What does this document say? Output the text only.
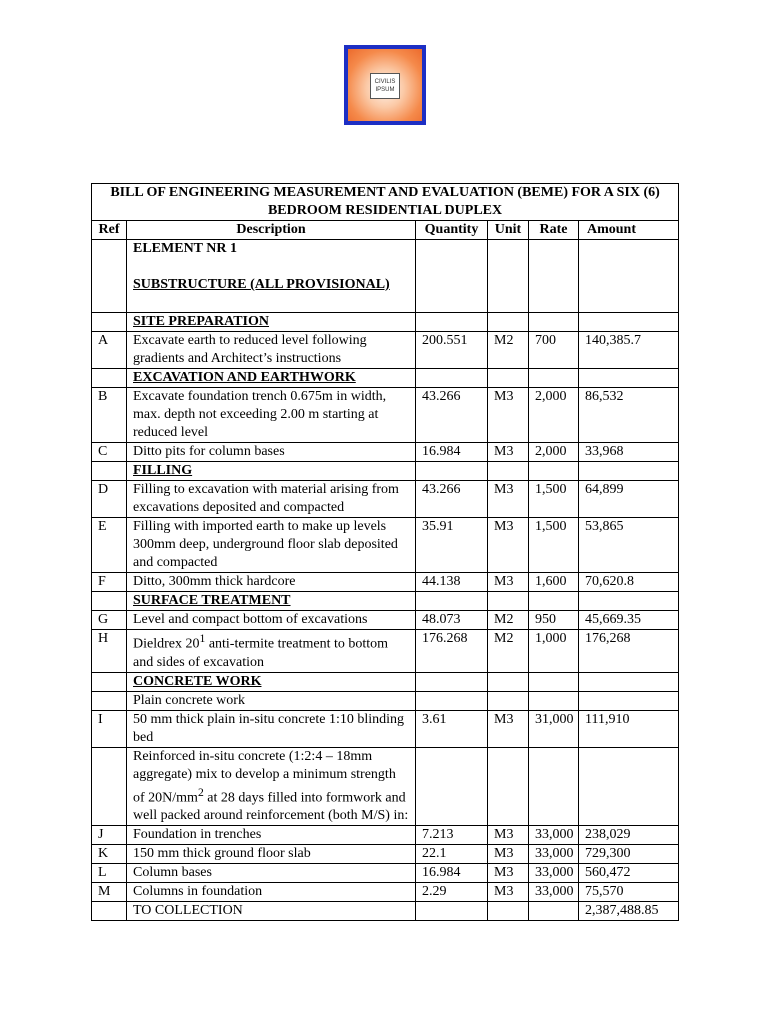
CIVILIS
IPSUM
BILL OF ENGINEERING MEASUREMENT AND EVALUATION (BEME) FOR A SIX (6) BEDROOM RESIDENTIAL DUPLEX					
Ref	Description	Quantity	Unit	Rate	Amount

	ELEMENT NR 1
SUBSTRUCTURE (ALL PROVISIONAL)				

	SITE PREPARATION				
A	Excavate earth to reduced level following gradients and Architect’s instructions	200.551	M2	700	140,385.7
	EXCAVATION AND EARTHWORK				
B	Excavate foundation trench 0.675m in width, max. depth not exceeding 2.00 m starting at reduced level	43.266	M3	2,000	86,532
C	Ditto pits for column bases	16.984	M3	2,000	33,968
	FILLING				
D	Filling to excavation with material arising from excavations deposited and compacted	43.266	M3	1,500	64,899
E	Filling with imported earth to make up levels 300mm deep, underground floor slab deposited and compacted	35.91	M3	1,500	53,865
F	Ditto, 300mm thick hardcore	44.138	M3	1,600	70,620.8
	SURFACE TREATMENT				
G	Level and compact bottom of excavations	48.073	M2	950	45,669.35
H	Dieldrex $20^1$ anti-termite treatment to bottom and sides of excavation	176.268	M2	1,000	176,268
	CONCRETE WORK				
	Plain concrete work				
I	50 mm thick plain in-situ concrete 1:10 blinding bed	3.61	M3	31,000	111,910
	Reinforced in-situ concrete (1:2:4 – 18mm aggregate) mix to develop a minimum strength of $20N/mm^2$ at 28 days filled into formwork and well packed around reinforcement (both M/S) in:				
J	Foundation in trenches	7.213	M3	33,000	238,029
K	150 mm thick ground floor slab	22.1	M3	33,000	729,300
L	Column bases	16.984	M3	33,000	560,472
M	Columns in foundation	2.29	M3	33,000	75,570
	TO COLLECTION				2,387,488.85
